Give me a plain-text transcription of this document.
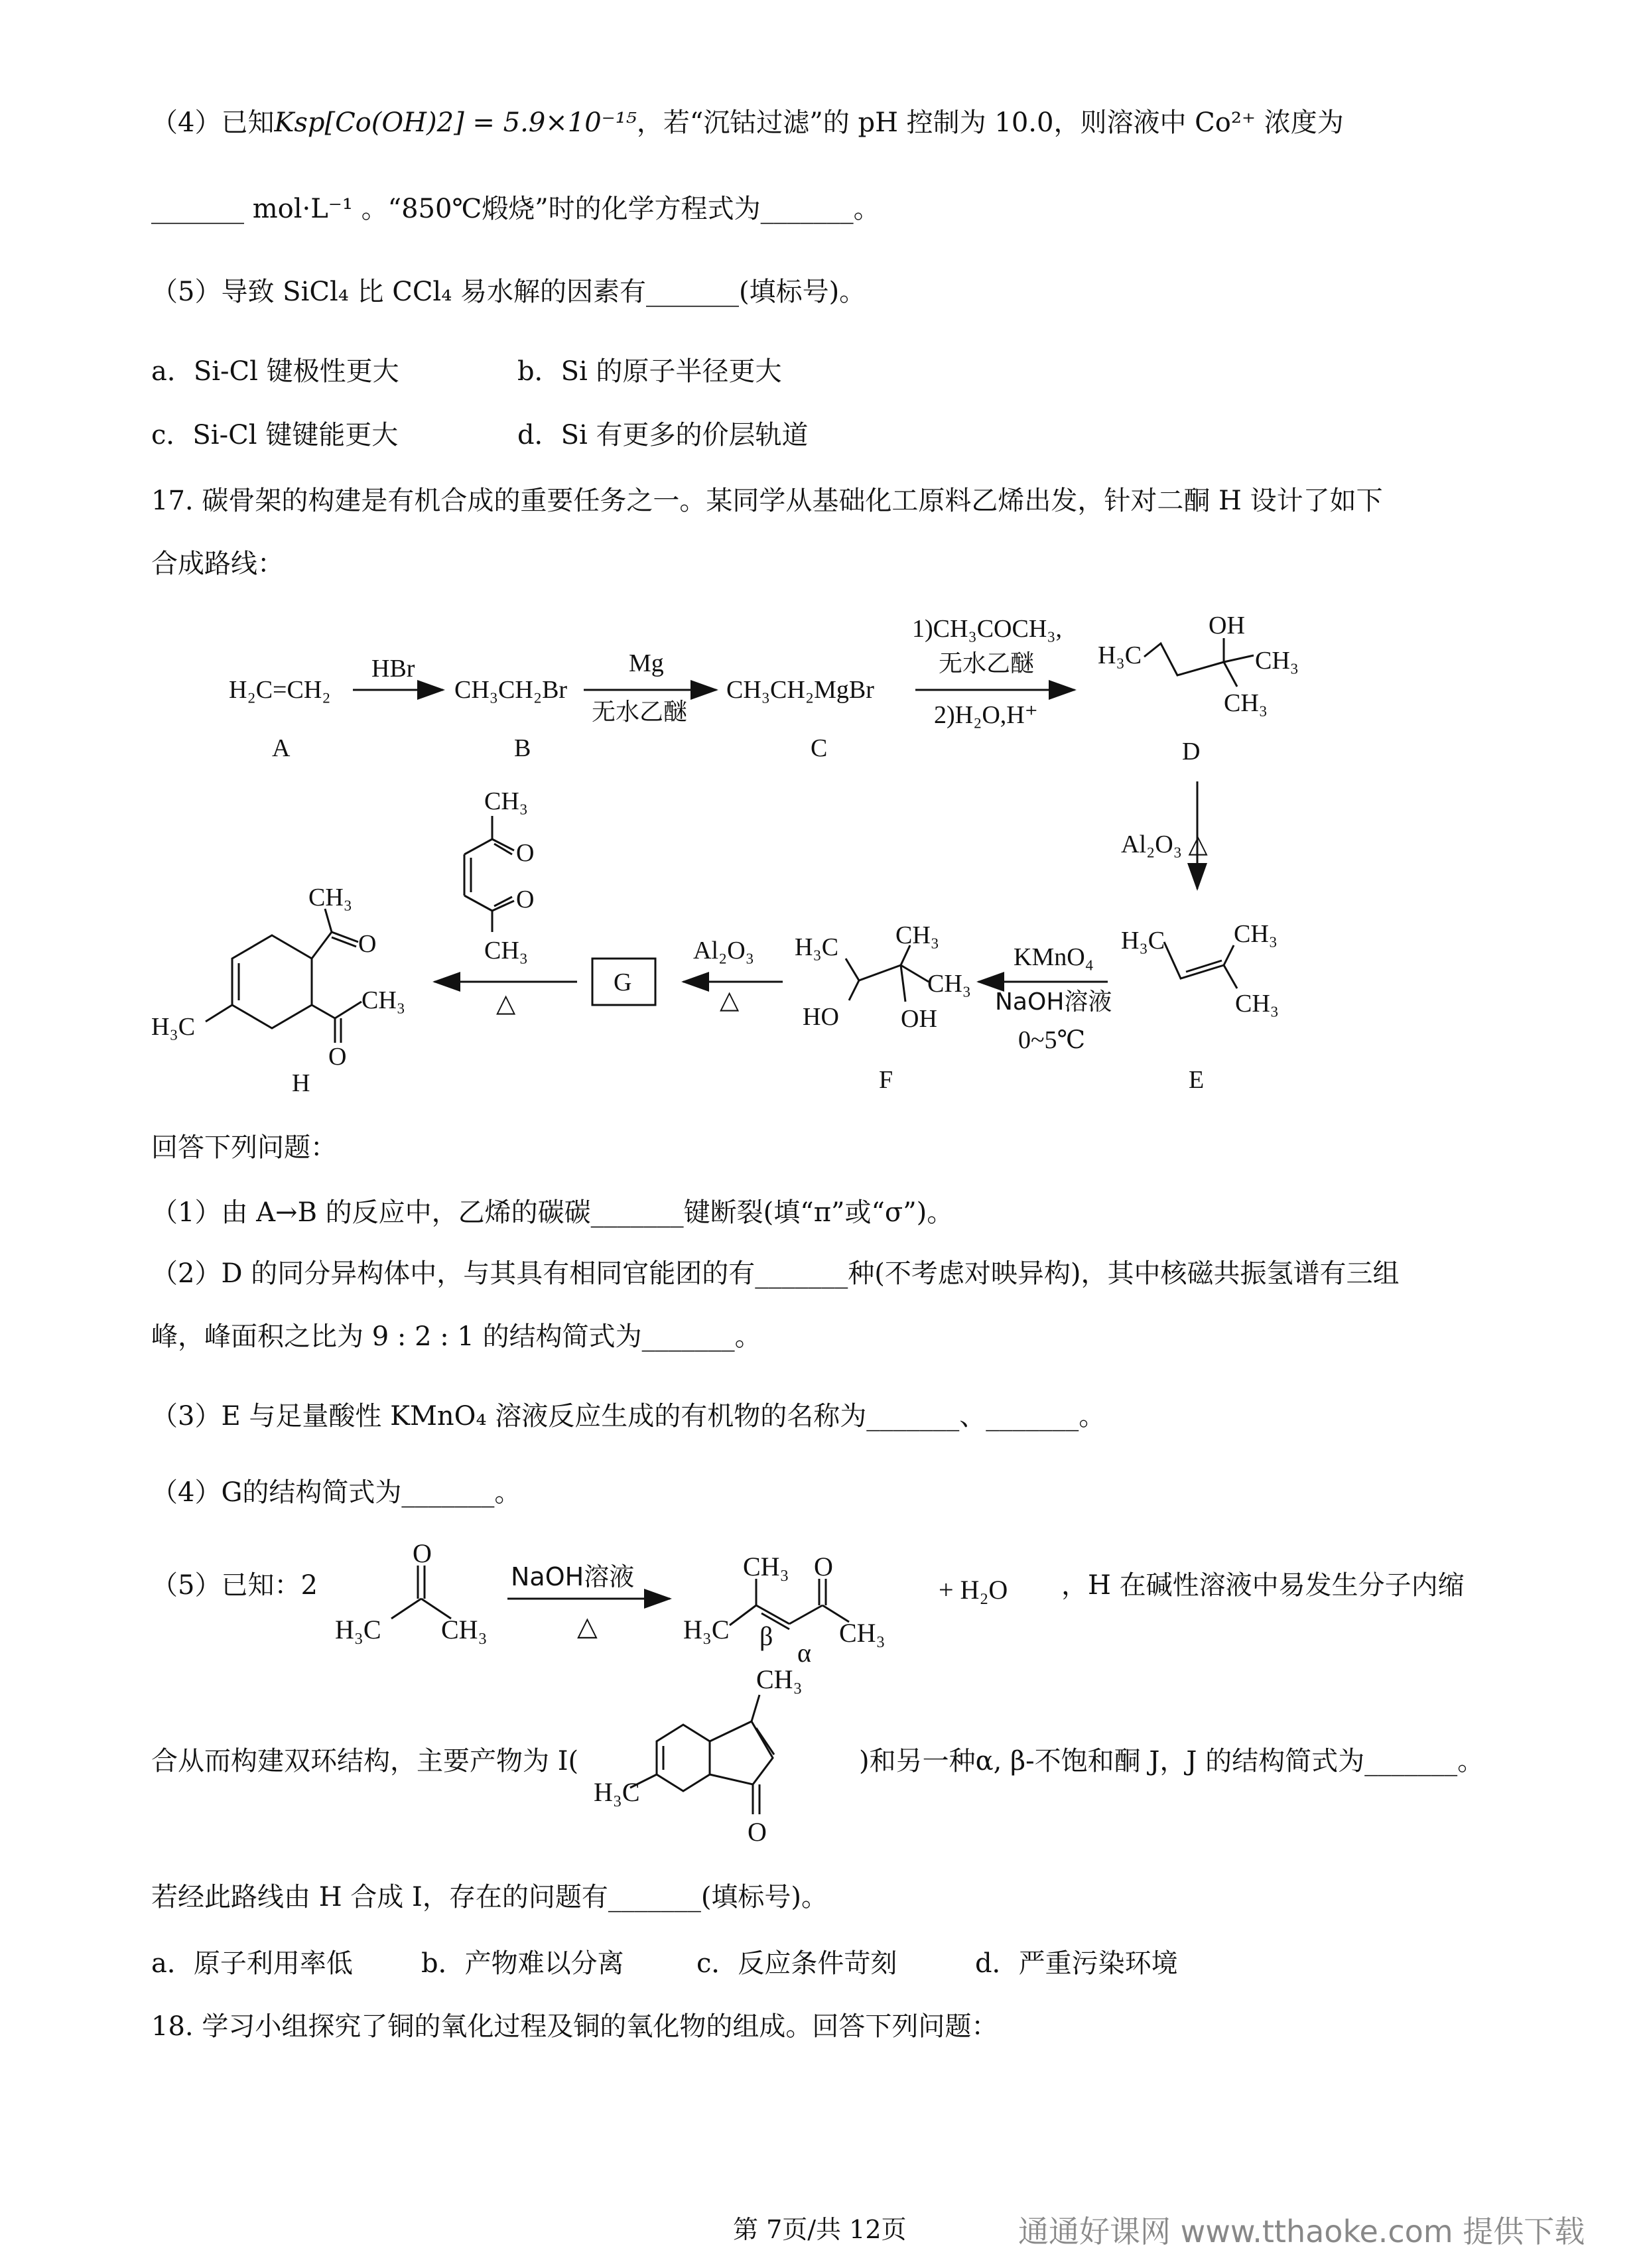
（4）已知Ksp[Co(OH)2] = 5.9×10⁻¹⁵，若“沉钴过滤”的 pH 控制为 10.0，则溶液中 Co²⁺ 浓度为
_______ mol·L⁻¹ 。“850℃煅烧”时的化学方程式为_______。
（5）导致 SiCl₄ 比 CCl₄ 易水解的因素有_______(填标号)。
a．Si-Cl 键极性更大	b．Si 的原子半径更大
c．Si-Cl 键键能更大	d．Si 有更多的价层轨道
17. 碳骨架的构建是有机合成的重要任务之一。某同学从基础化工原料乙烯出发，针对二酮 H 设计了如下
合成路线：
H₂C=CH₂
A
HBr
CH₃CH₂Br
B
Mg
无水乙醚
CH₃CH₂MgBr
C
1)CH₃COCH₃,
无水乙醚
2)H₂O,H⁺
H₃C
OH
CH₃
CH₃
D
Al₂O₃ △
H₃C	CH₃
CH₃
E
KMnO₄
NaOH溶液
0~5℃
H₃C
HO
CH₃
CH₃
OH
F
Al₂O₃
△
G
△
CH₃
O
O
CH₃
H₃C
CH₃
O
CH₃
O
H
回答下列问题：
（1）由 A→B 的反应中，乙烯的碳碳_______键断裂(填“π”或“σ”)。
（2）D 的同分异构体中，与其具有相同官能团的有_______种(不考虑对映异构)，其中核磁共振氢谱有三组
峰，峰面积之比为 9 : 2 : 1 的结构简式为_______。
（3）E 与足量酸性 KMnO₄ 溶液反应生成的有机物的名称为_______、_______。
（4）G的结构简式为_______。
（5）已知：2
O
H₃C CH₃
NaOH溶液
△	H₃C
CH₃
β
α
O
CH₃
+ H₂O ，H 在碱性溶液中易发生分子内缩
合从而构建双环结构，主要产物为 I(
CH₃
H₃C
O
)和另一种α, β-不饱和酮 J，J 的结构简式为_______。
若经此路线由 H 合成 I，存在的问题有_______(填标号)。
a．原子利用率低	b．产物难以分离	c．反应条件苛刻	d．严重污染环境
18. 学习小组探究了铜的氧化过程及铜的氧化物的组成。回答下列问题：
第 7页/共 12页	通通好课网 www.tthaoke.com 提供下载
